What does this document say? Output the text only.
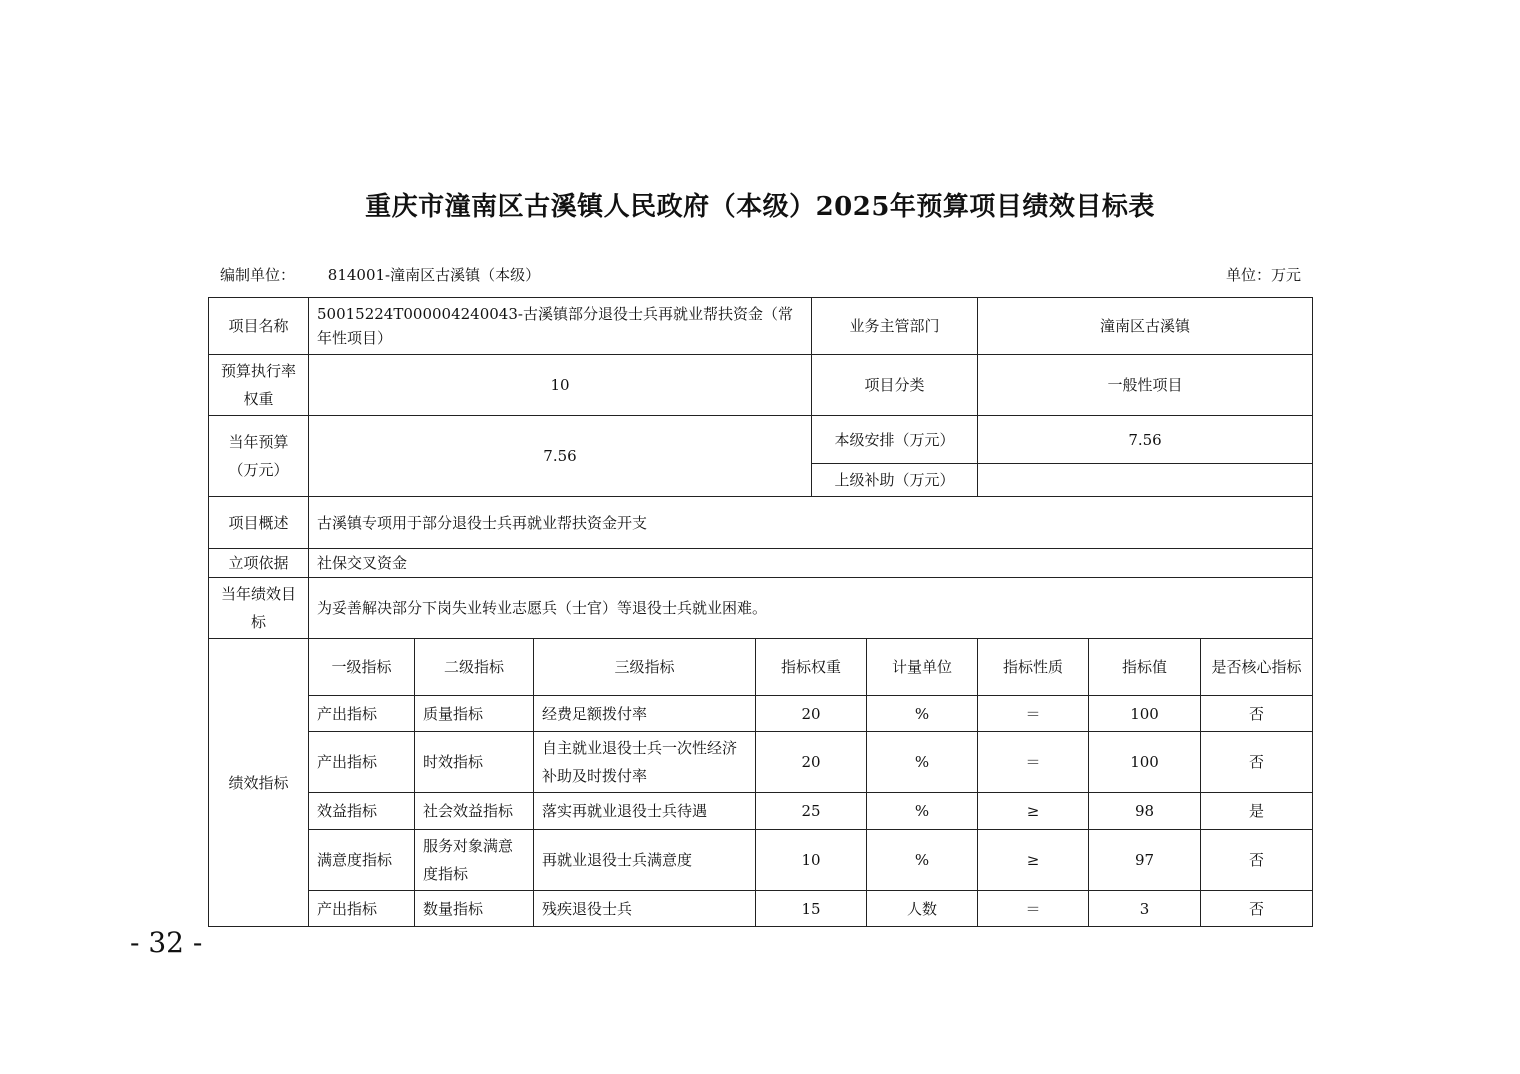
重庆市潼南区古溪镇人民政府（本级）2025年预算项目绩效目标表
编制单位： 814001-潼南区古溪镇（本级）	单位：万元
项目名称	50015224T000004240043-古溪镇部分退役士兵再就业帮扶资金（常年性项目）				业务主管部门		潼南区古溪镇		
预算执行率权重	10				项目分类		一般性项目		
当年预算（万元）	7.56				本级安排（万元）		7.56		
					上级补助（万元）				
项目概述	古溪镇专项用于部分退役士兵再就业帮扶资金开支								
立项依据	社保交叉资金								
当年绩效目标	为妥善解决部分下岗失业转业志愿兵（士官）等退役士兵就业困难。								
绩效指标	一级指标	二级指标	三级指标	指标权重		计量单位	指标性质	指标值	是否核心指标
	产出指标	质量指标	经费足额拨付率	20		%	＝	100	否
	产出指标	时效指标	自主就业退役士兵一次性经济补助及时拨付率	20		%	＝	100	否
	效益指标	社会效益指标	落实再就业退役士兵待遇	25		%	≥	98	是
	满意度指标	服务对象满意度指标	再就业退役士兵满意度	10		%	≥	97	否
	产出指标	数量指标	残疾退役士兵	15		人数	＝	3	否
- 32 -
